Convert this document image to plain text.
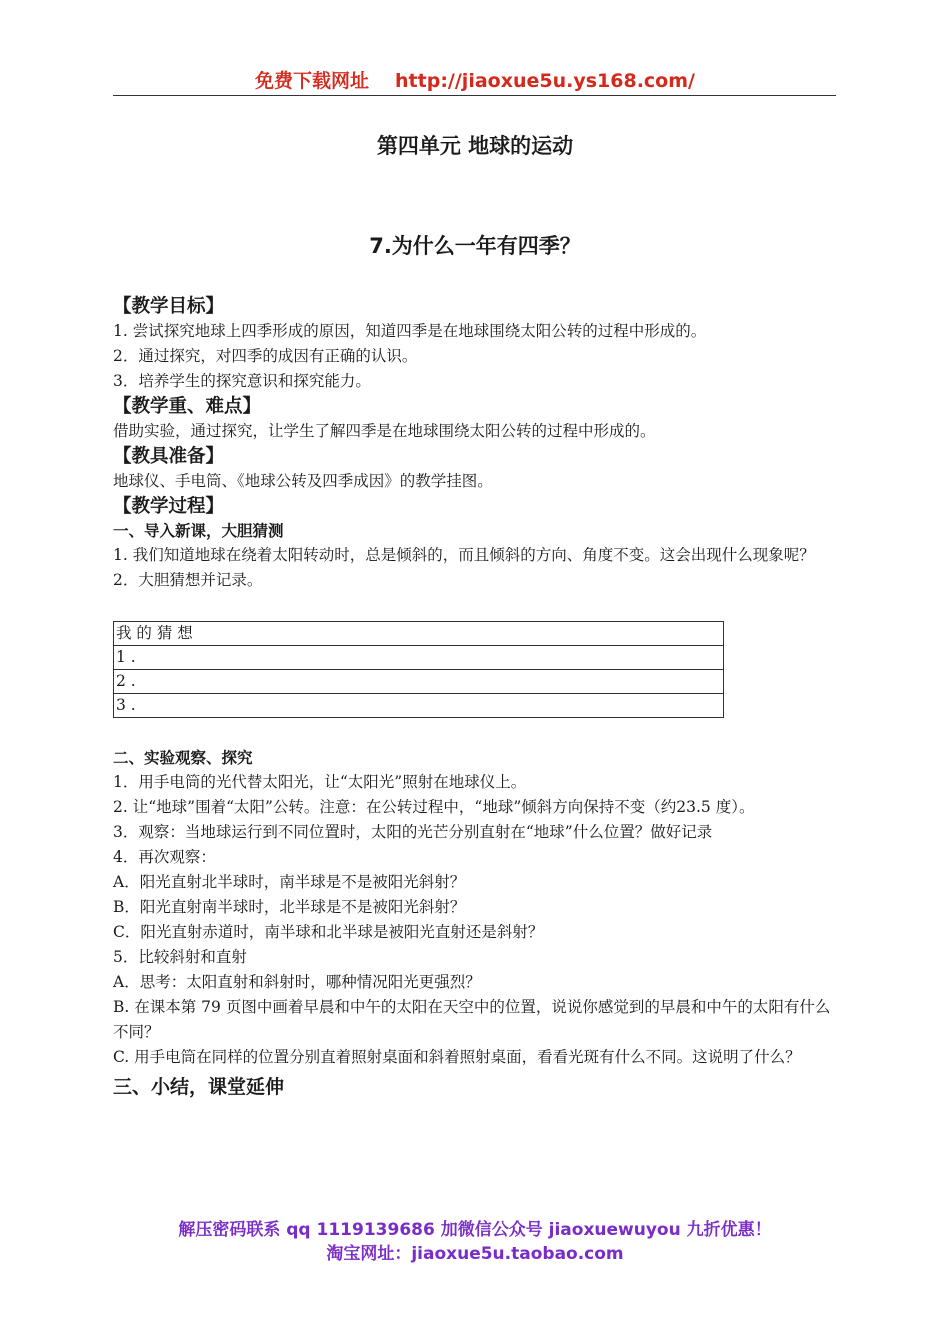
免费下载网址 http://jiaoxue5u.ys168.com/
第四单元 地球的运动
7.为什么一年有四季？
【教学目标】

1. 尝试探究地球上四季形成的原因，知道四季是在地球围绕太阳公转的过程中形成的。

2．通过探究，对四季的成因有正确的认识。

3．培养学生的探究意识和探究能力。

【教学重、难点】

借助实验，通过探究，让学生了解四季是在地球围绕太阳公转的过程中形成的。

【教具准备】

地球仪、手电筒、《地球公转及四季成因》的教学挂图。

【教学过程】
一、导入新课，大胆猜测

1. 我们知道地球在绕着太阳转动时，总是倾斜的，而且倾斜的方向、角度不变。这会出现什么现象呢？

2．大胆猜想并记录。

我 的 猜 想
1 .
2 .
3 .
二、实验观察、探究

1．用手电筒的光代替太阳光，让“太阳光”照射在地球仪上。

2. 让“地球”围着“太阳”公转。注意：在公转过程中，“地球”倾斜方向保持不变（约23.5 度）。

3．观察：当地球运行到不同位置时，太阳的光芒分别直射在“地球”什么位置？做好记录

4．再次观察：

A．阳光直射北半球时，南半球是不是被阳光斜射？

B．阳光直射南半球时，北半球是不是被阳光斜射？

C．阳光直射赤道时，南半球和北半球是被阳光直射还是斜射？

5．比较斜射和直射

A．思考：太阳直射和斜射时，哪种情况阳光更强烈？

B. 在课本第 79 页图中画着早晨和中午的太阳在天空中的位置，说说你感觉到的早晨和中午的太阳有什么不同？

C. 用手电筒在同样的位置分别直着照射桌面和斜着照射桌面，看看光斑有什么不同。这说明了什么？

三、小结，课堂延伸
解压密码联系 qq 1119139686 加微信公众号 jiaoxuewuyou 九折优惠！
淘宝网址：jiaoxue5u.taobao.com
